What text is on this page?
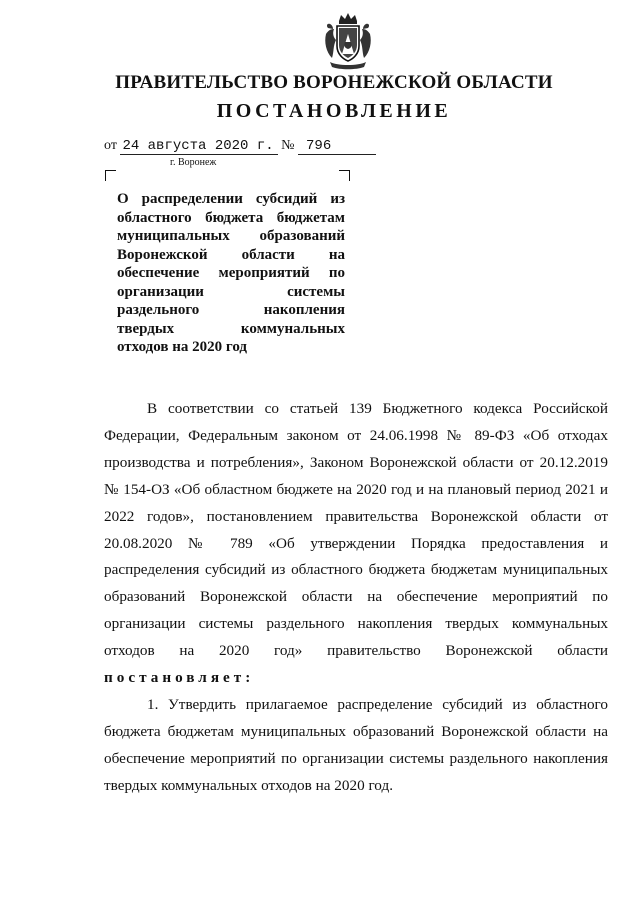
ПРАВИТЕЛЬСТВО ВОРОНЕЖСКОЙ ОБЛАСТИ
ПОСТАНОВЛЕНИЕ
от 24 августа 2020 г. № 796
г. Воронеж
О распределении субсидий из
областного бюджета бюджетам
муниципальных образований
Воронежской области на
обеспечение мероприятий по
организации системы
раздельного накопления
твердых коммунальных
отходов на 2020 год
В соответствии со статьей 139 Бюджетного кодекса Российской
Федерации, Федеральным законом от 24.06.1998 № 89-ФЗ «Об отходах
производства и потребления», Законом Воронежской области от 20.12.2019
№ 154-ОЗ «Об областном бюджете на 2020 год и на плановый период 2021 и
2022 годов», постановлением правительства Воронежской области от
20.08.2020 № 789 «Об утверждении Порядка предоставления и
распределения субсидий из областного бюджета бюджетам муниципальных
образований Воронежской области на обеспечение мероприятий по
организации системы раздельного накопления твердых коммунальных
отходов на 2020 год» правительство Воронежской области
постановляет:
1. Утвердить прилагаемое распределение субсидий из областного
бюджета бюджетам муниципальных образований Воронежской области на
обеспечение мероприятий по организации системы раздельного накопления
твердых коммунальных отходов на 2020 год.
